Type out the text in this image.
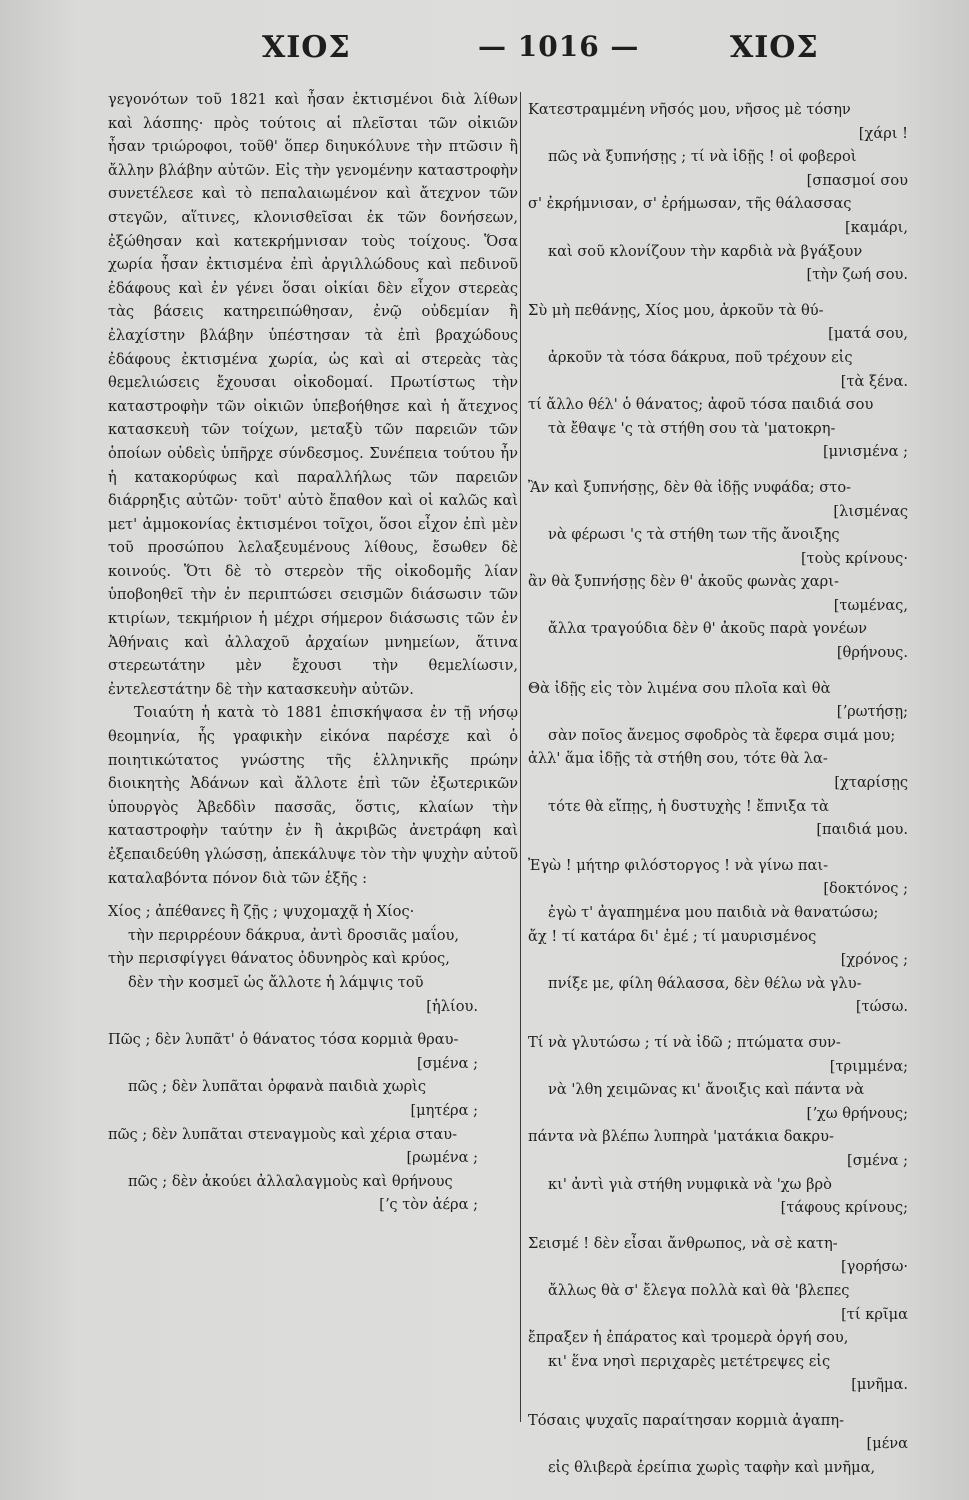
ΧΙΟΣ	— 1016 —	ΧΙΟΣ

γεγονότων τοῦ 1821 καὶ ἦσαν ἐκτισμένοι διὰ λίθων καὶ λάσπης· πρὸς τούτοις αἱ πλεῖσται τῶν οἰκιῶν ἦσαν τριώροφοι, τοῦθ' ὅπερ διηυκόλυνε τὴν πτῶσιν ἢ ἄλλην βλάβην αὐτῶν. Εἰς τὴν γενομένην καταστροφὴν συνετέλεσε καὶ τὸ πεπαλαιωμένον καὶ ἄτεχνον τῶν στεγῶν, αἵτινες, κλονισθεῖσαι ἐκ τῶν δονήσεων, ἐξώθησαν καὶ κατεκρήμνισαν τοὺς τοίχους. Ὅσα χωρία ἦσαν ἐκτισμένα ἐπὶ ἀργιλλώδους καὶ πεδινοῦ ἐδάφους καὶ ἐν γένει ὅσαι οἰκίαι δὲν εἶχον στερεὰς τὰς βάσεις κατηρειπώθησαν, ἐνῷ οὐδεμίαν ἢ ἐλαχίστην βλάβην ὑπέστησαν τὰ ἐπὶ βραχώδους ἐδάφους ἐκτισμένα χωρία, ὡς καὶ αἱ στερεὰς τὰς θεμελιώσεις ἔχουσαι οἰκοδομαί. Πρωτίστως τὴν καταστροφὴν τῶν οἰκιῶν ὑπεβοήθησε καὶ ἡ ἄτεχνος κατασκευὴ τῶν τοίχων, μεταξὺ τῶν παρειῶν τῶν ὁποίων οὐδεὶς ὑπῆρχε σύνδεσμος. Συνέπεια τούτου ἦν ἡ κατακορύφως καὶ παραλλήλως τῶν παρειῶν διάρρηξις αὐτῶν· τοῦτ' αὐτὸ ἔπαθον καὶ οἱ καλῶς καὶ μετ' ἀμμοκονίας ἐκτισμένοι τοῖχοι, ὅσοι εἶχον ἐπὶ μὲν τοῦ προσώπου λελαξευμένους λίθους, ἔσωθεν δὲ κοινούς. Ὅτι δὲ τὸ στερεὸν τῆς οἰκοδομῆς λίαν ὑποβοηθεῖ τὴν ἐν περιπτώσει σεισμῶν διάσωσιν τῶν κτιρίων, τεκμήριον ἡ μέχρι σήμερον διάσωσις τῶν ἐν Ἀθήναις καὶ ἀλλαχοῦ ἀρχαίων μνημείων, ἅτινα στερεωτάτην μὲν ἔχουσι τὴν θεμελίωσιν, ἐντελεστάτην δὲ τὴν κατασκευὴν αὐτῶν.

Τοιαύτη ἡ κατὰ τὸ 1881 ἐπισκήψασα ἐν τῇ νήσῳ θεομηνία, ἧς γραφικὴν εἰκόνα παρέσχε καὶ ὁ ποιητικώτατος γνώστης τῆς ἑλληνικῆς πρώην διοικητὴς Ἀδάνων καὶ ἄλλοτε ἐπὶ τῶν ἐξωτερικῶν ὑπουργὸς Ἀβεδδὶν πασσᾶς, ὅστις, κλαίων τὴν καταστροφὴν ταύτην ἐν ἢ ἀκριβῶς ἀνετράφη καὶ ἐξεπαιδεύθη γλώσσῃ, ἀπεκάλυψε τὸν τὴν ψυχὴν αὐτοῦ καταλαβόντα πόνον διὰ τῶν ἑξῆς :

Χίος ; ἀπέθανες ἢ ζῇς ; ψυχομαχᾷ ἡ Χίος·
τὴν περιρρέουν δάκρυα, ἀντὶ δροσιᾶς μαΐου,
τὴν περισφίγγει θάνατος ὀδυνηρὸς καὶ κρύος,
δὲν τὴν κοσμεῖ ὡς ἄλλοτε ἡ λάμψις τοῦ
[ἡλίου.
Πῶς ; δὲν λυπᾶτ' ὁ θάνατος τόσα κορμιὰ θραυ-
[σμένα ;
πῶς ; δὲν λυπᾶται ὀρφανὰ παιδιὰ χωρὶς
[μητέρα ;
πῶς ; δὲν λυπᾶται στεναγμοὺς καὶ χέρια σταυ-
[ρωμένα ;
πῶς ; δὲν ἀκούει ἀλλαλαγμοὺς καὶ θρήνους
[ʼς τὸν ἀέρα ;
Κατεστραμμένη νῆσός μου, νῆσος μὲ τόσην
[χάρι !
πῶς νὰ ξυπνήσῃς ; τί νὰ ἰδῇς ! οἱ φοβεροὶ
[σπασμοί σου
σ' ἐκρήμνισαν, σ' ἐρήμωσαν, τῆς θάλασσας
[καμάρι,
καὶ σοῦ κλονίζουν τὴν καρδιὰ νὰ βγάξουν
[τὴν ζωή σου.
Σὺ μὴ πεθάνῃς, Χίος μου, ἀρκοῦν τὰ θύ-
[ματά σου,
ἀρκοῦν τὰ τόσα δάκρυα, ποῦ τρέχουν εἰς
[τὰ ξένα.
τί ἄλλο θέλ' ὁ θάνατος; ἀφοῦ τόσα παιδιά σου
τὰ ἔθαψε 'ς τὰ στήθη σου τὰ 'ματοκρη-
[μνισμένα ;
Ἂν καὶ ξυπνήσῃς, δὲν θὰ ἰδῇς νυφάδα; στο-
[λισμένας
νὰ φέρωσι 'ς τὰ στήθη των τῆς ἄνοιξης
[τοὺς κρίνους·
ἂν θὰ ξυπνήσῃς δὲν θ' ἀκοῦς φωνὰς χαρι-
[τωμένας,
ἄλλα τραγούδια δὲν θ' ἀκοῦς παρὰ γονέων
[θρήνους.
Θὰ ἰδῇς εἰς τὸν λιμένα σου πλοῖα καὶ θὰ
[ʼρωτήσῃ;
σὰν ποῖος ἄνεμος σφοδρὸς τὰ ἔφερα σιμά μου;
ἀλλ' ἅμα ἰδῇς τὰ στήθη σου, τότε θὰ λα-
[χταρίσῃς
τότε θὰ εἴπῃς, ἡ δυστυχὴς ! ἔπνιξα τὰ
[παιδιά μου.
Ἐγὼ ! μήτηρ φιλόστοργος ! νὰ γίνω παι-
[δοκτόνος ;
ἐγὼ τ' ἀγαπημένα μου παιδιὰ νὰ θανατώσω;
ἄχ ! τί κατάρα δι' ἐμέ ; τί μαυρισμένος
[χρόνος ;
πνίξε με, φίλη θάλασσα, δὲν θέλω νὰ γλυ-
[τώσω.
Τί νὰ γλυτώσω ; τί νὰ ἰδῶ ; πτώματα συν-
[τριμμένα;
νὰ 'λθη χειμῶνας κι' ἄνοιξις καὶ πάντα νὰ
[ʼχω θρήνους;
πάντα νὰ βλέπω λυπηρὰ 'ματάκια δακρυ-
[σμένα ;
κι' ἀντὶ γιὰ στήθη νυμφικὰ νὰ 'χω βρὸ
[τάφους κρίνους;
Σεισμέ ! δὲν εἶσαι ἄνθρωπος, νὰ σὲ κατη-
[γορήσω·
ἄλλως θὰ σ' ἔλεγα πολλὰ καὶ θὰ 'βλεπες
[τί κρῖμα
ἔπραξεν ἡ ἐπάρατος καὶ τρομερὰ ὀργή σου,
κι' ἕνα νησὶ περιχαρὲς μετέτρεψες εἰς
[μνῆμα.
Τόσαις ψυχαῖς παραίτησαν κορμιὰ ἀγαπη-
[μένα
εἰς θλιβερὰ ἐρείπια χωρὶς ταφὴν καὶ μνῆμα,
